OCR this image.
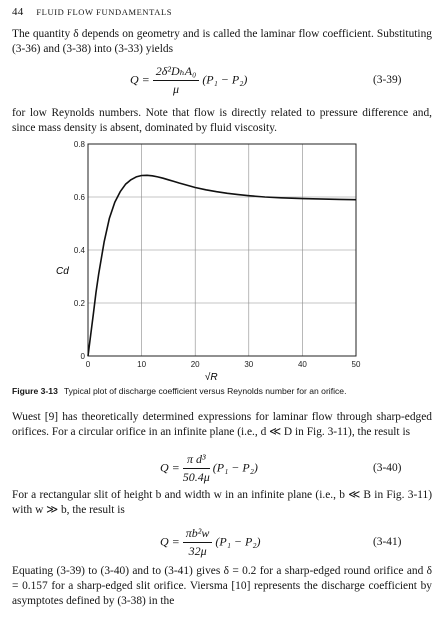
44 FLUID FLOW FUNDAMENTALS
The quantity δ depends on geometry and is called the laminar flow coefficient. Substituting (3-36) and (3-38) into (3-33) yields
$Q = \frac{\text{2δ²DₕA₀}}{\mu} (P_1 - P_2)$	(3-39)
for low Reynolds numbers. Note that flow is directly related to pressure difference and, since mass density is absent, dominated by fluid viscosity.
0	10	20	30	40	50
0
0.2
0.4
0.6
0.8
Cd
√R
Figure 3-13 Typical plot of discharge coefficient versus Reynolds number for an orifice.
Wuest [9] has theoretically determined expressions for laminar flow through sharp-edged orifices. For a circular orifice in an infinite plane (i.e., d ≪ D in Fig. 3-11), the result is
$Q = \frac{\text{π d³}}{50.4\mu} (P_1 - P_2)$	(3-40)
For a rectangular slit of height b and width w in an infinite plane (i.e., b ≪ B in Fig. 3-11) with w ≫ b, the result is
$Q = \frac{\text{πb²w}}{32\mu} (P_1 - P_2)$	(3-41)
Equating (3-39) to (3-40) and to (3-41) gives δ = 0.2 for a sharp-edged round orifice and δ = 0.157 for a sharp-edged slit orifice. Viersma [10] represents the discharge coefficient by asymptotes defined by (3-38) in the
